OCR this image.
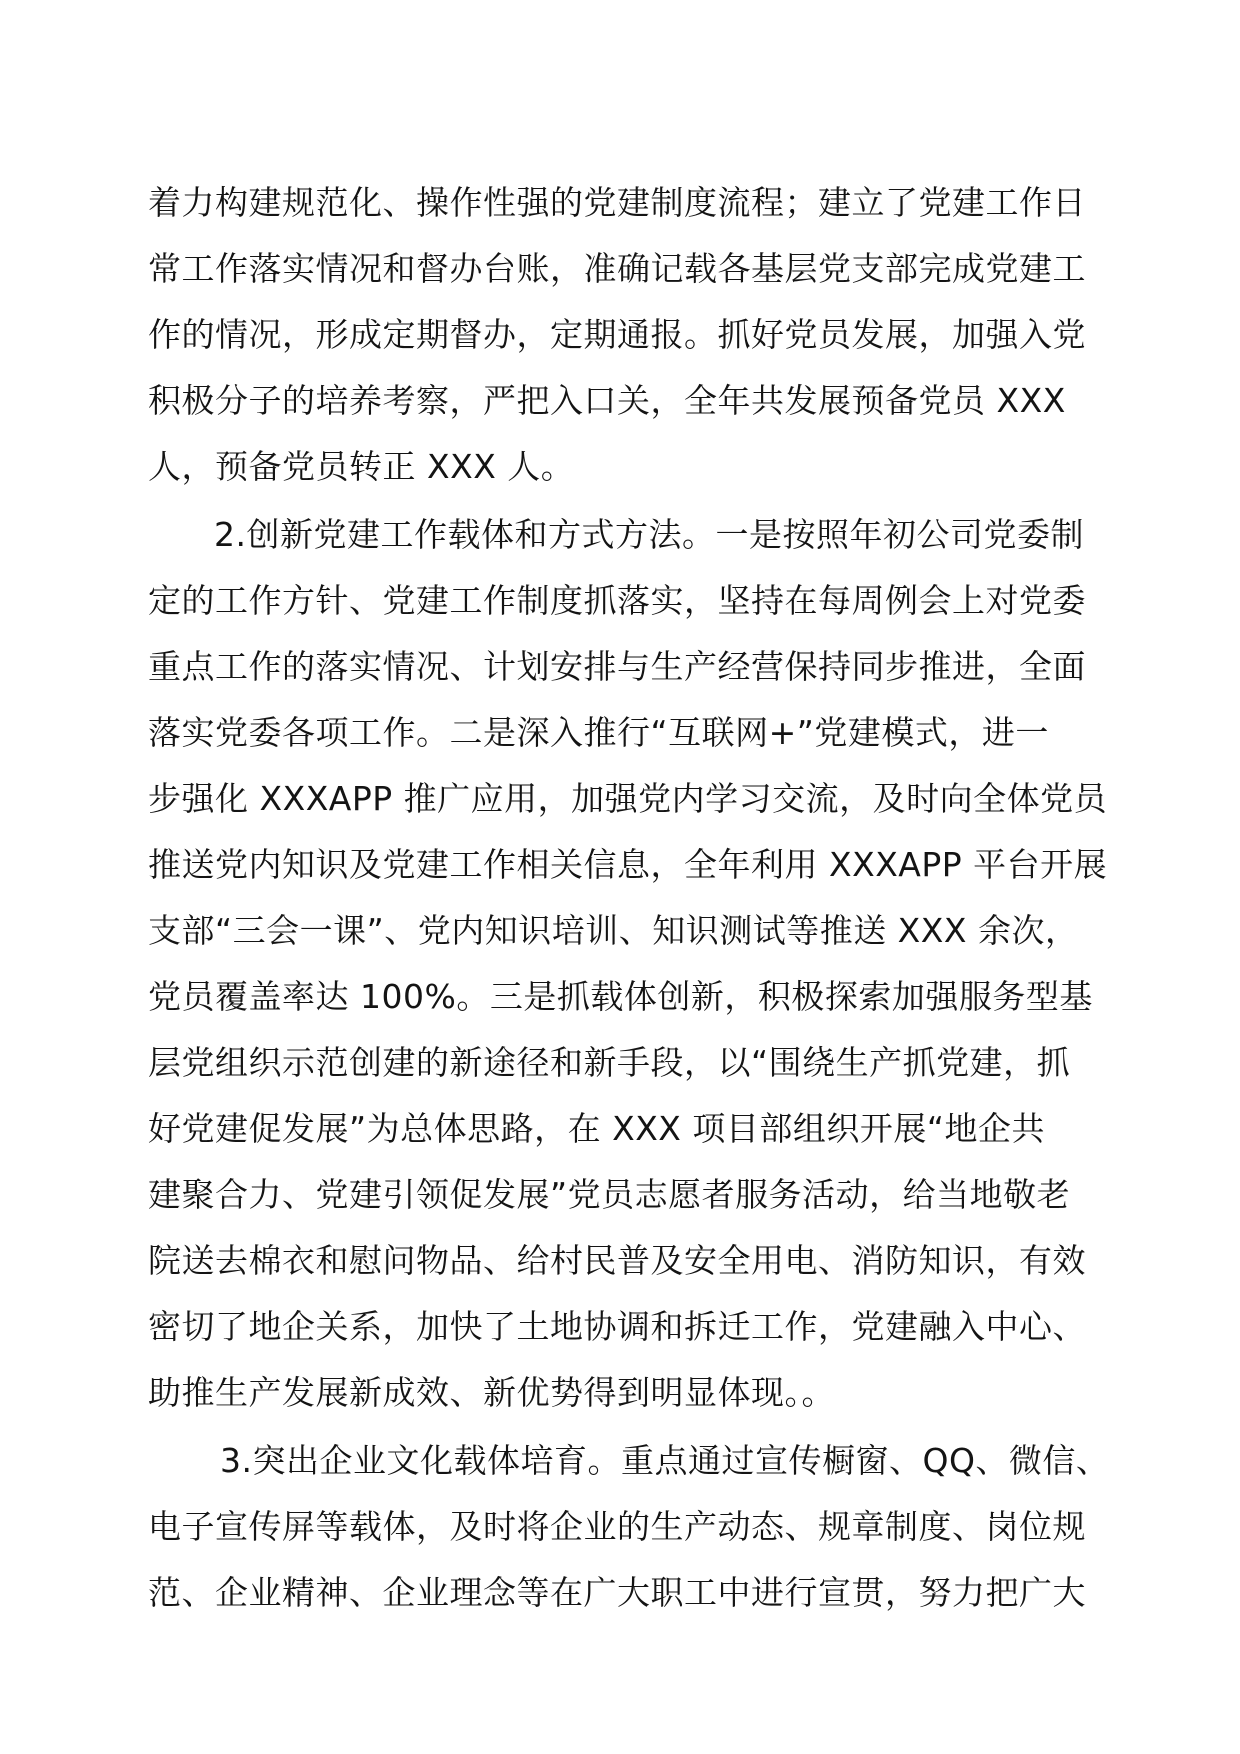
着力构建规范化、操作性强的党建制度流程；建立了党建工作日
常工作落实情况和督办台账，准确记载各基层党支部完成党建工
作的情况，形成定期督办，定期通报。抓好党员发展，加强入党
积极分子的培养考察，严把入口关，全年共发展预备党员 XXX
人，预备党员转正 XXX 人。
2.创新党建工作载体和方式方法。一是按照年初公司党委制
定的工作方针、党建工作制度抓落实，坚持在每周例会上对党委
重点工作的落实情况、计划安排与生产经营保持同步推进，全面
落实党委各项工作。二是深入推行“互联网+”党建模式，进一
步强化 XXXAPP 推广应用，加强党内学习交流，及时向全体党员
推送党内知识及党建工作相关信息，全年利用 XXXAPP 平台开展
支部“三会一课”、党内知识培训、知识测试等推送 XXX 余次，
党员覆盖率达 100%。三是抓载体创新，积极探索加强服务型基
层党组织示范创建的新途径和新手段，以“围绕生产抓党建，抓
好党建促发展”为总体思路，在 XXX 项目部组织开展“地企共
建聚合力、党建引领促发展”党员志愿者服务活动，给当地敬老
院送去棉衣和慰问物品、给村民普及安全用电、消防知识，有效
密切了地企关系，加快了土地协调和拆迁工作，党建融入中心、
助推生产发展新成效、新优势得到明显体现。。
3.突出企业文化载体培育。重点通过宣传橱窗、QQ、微信、
电子宣传屏等载体，及时将企业的生产动态、规章制度、岗位规
范、企业精神、企业理念等在广大职工中进行宣贯，努力把广大
